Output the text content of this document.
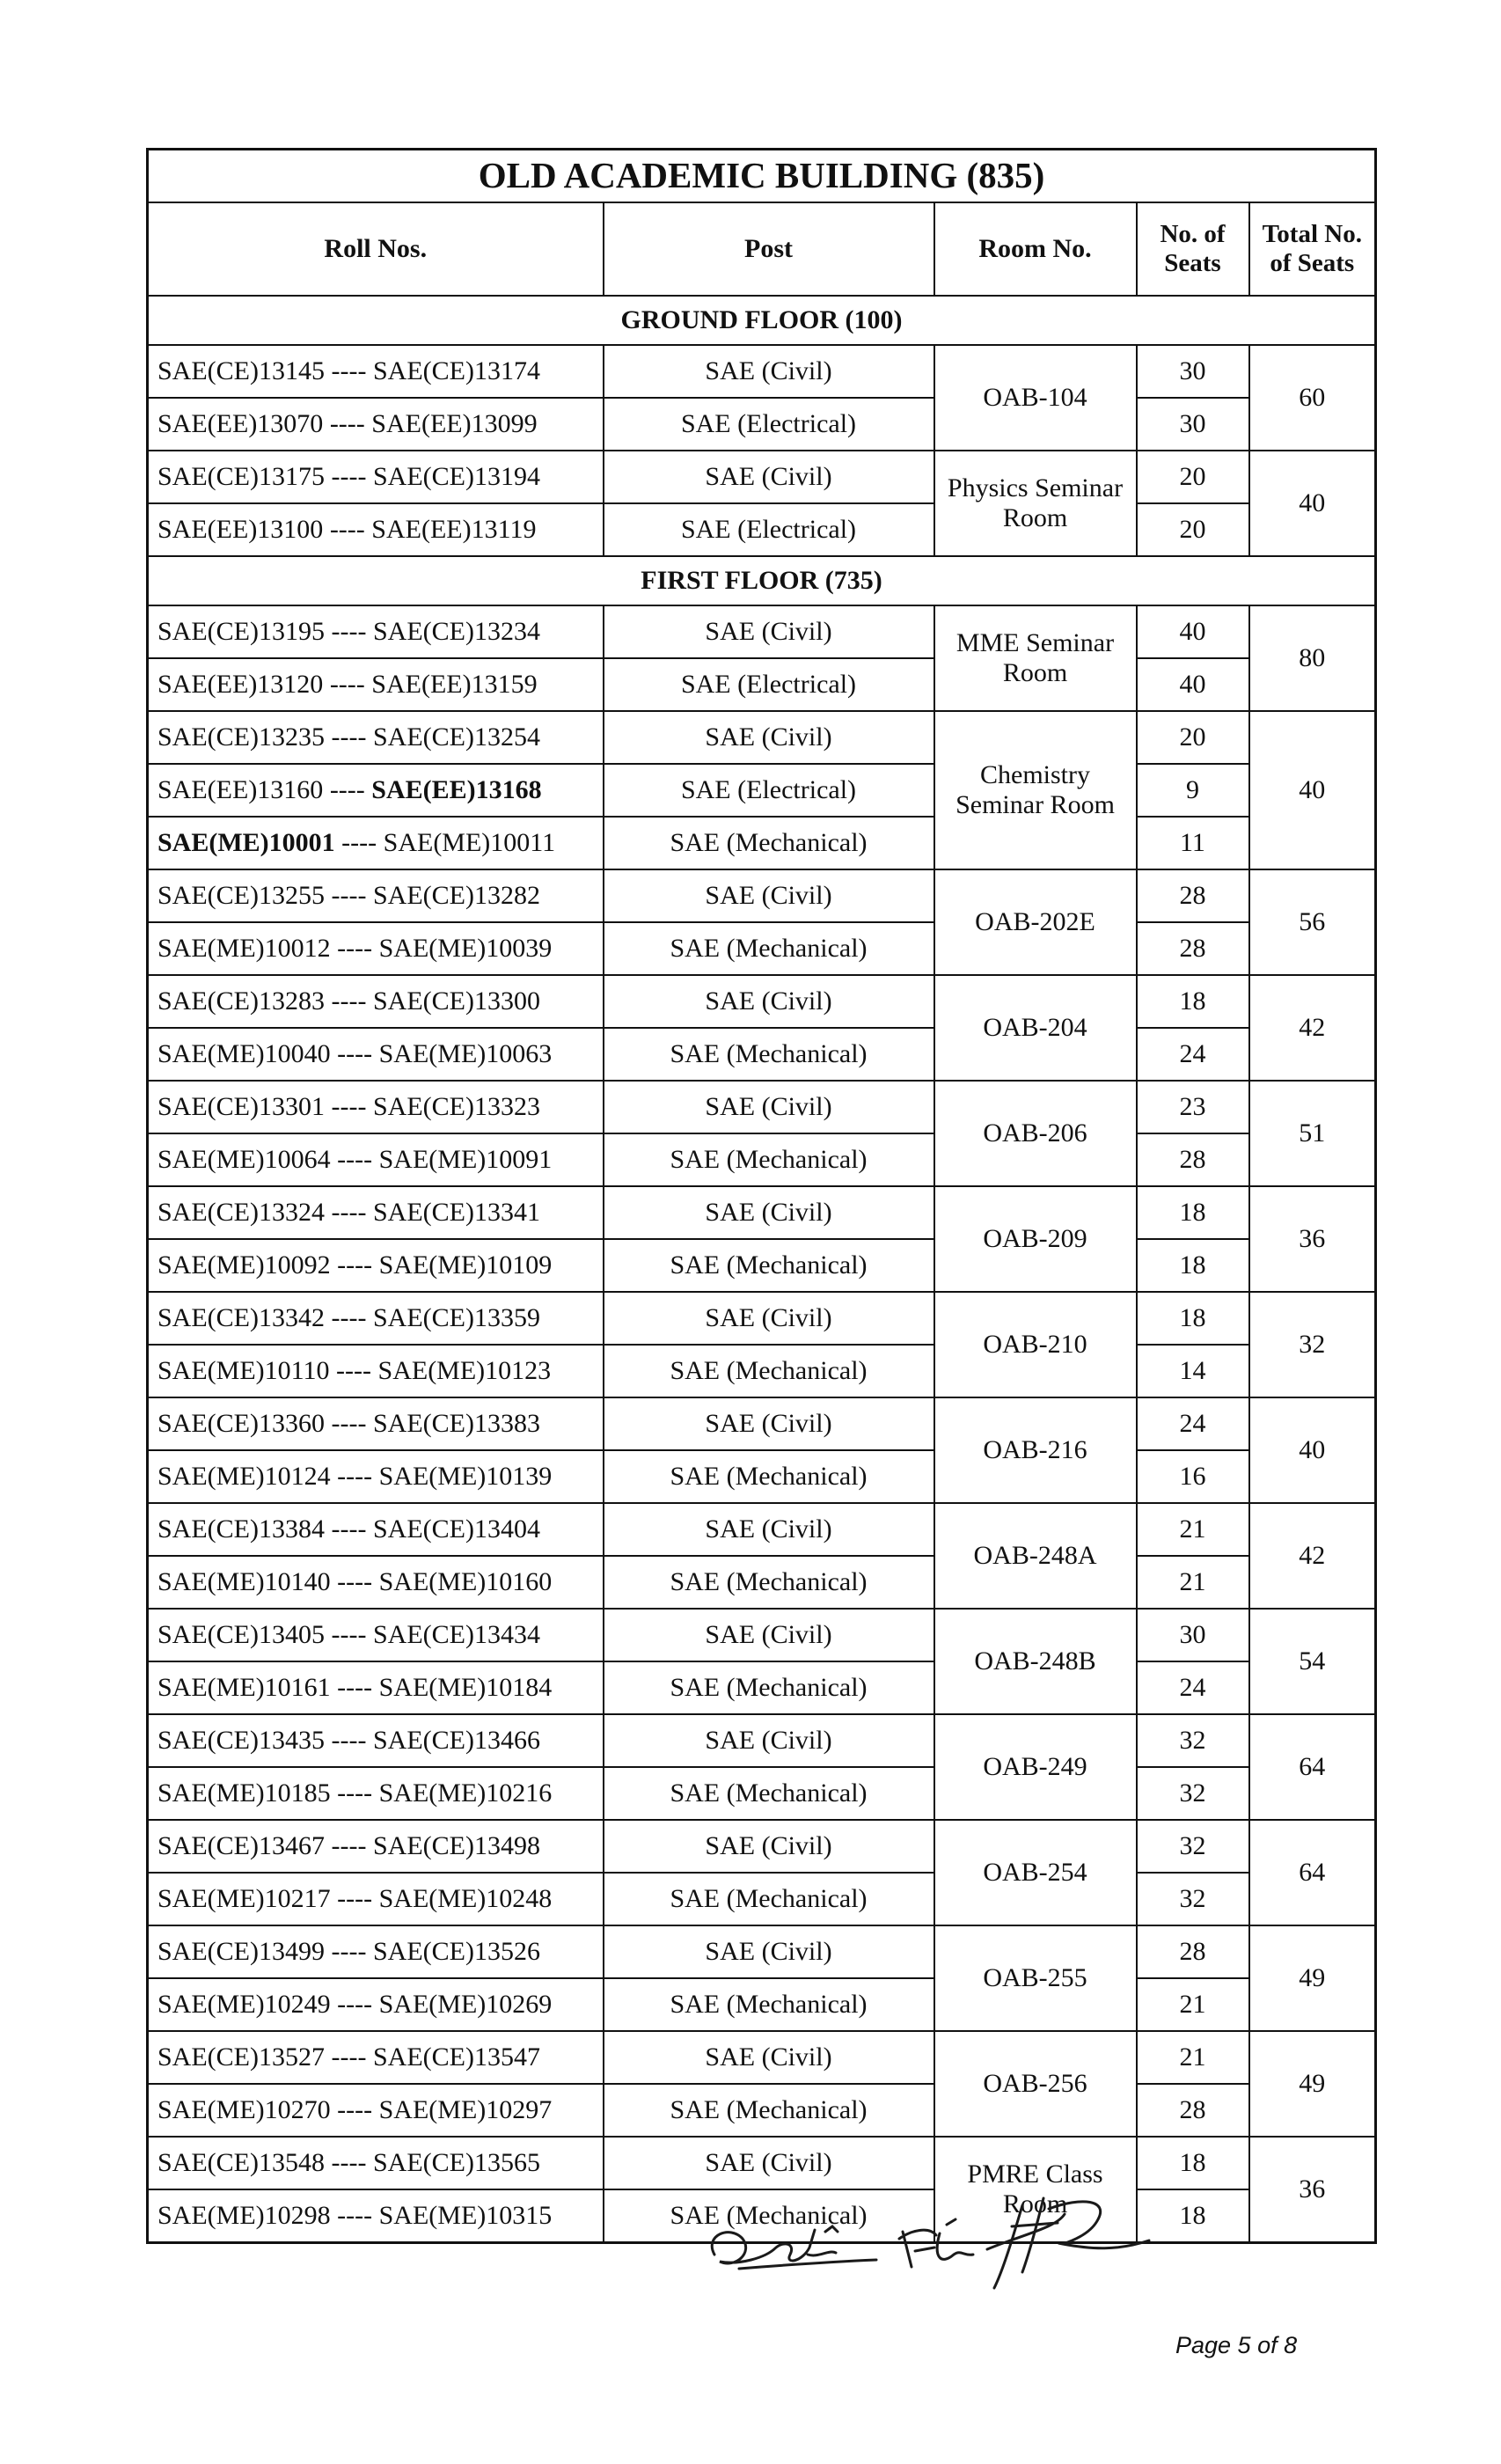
OLD ACADEMIC BUILDING (835)				
Roll Nos.	Post	Room No.	No. of Seats	Total No. of Seats
GROUND FLOOR (100)				
SAE(CE)13145 ---- SAE(CE)13174	SAE (Civil)	OAB-104	30	60
SAE(EE)13070 ---- SAE(EE)13099	SAE (Electrical)		30	
SAE(CE)13175 ---- SAE(CE)13194	SAE (Civil)	Physics Seminar Room	20	40
SAE(EE)13100 ---- SAE(EE)13119	SAE (Electrical)		20	
FIRST FLOOR (735)				
SAE(CE)13195 ---- SAE(CE)13234	SAE (Civil)	MME Seminar Room	40	80
SAE(EE)13120 ---- SAE(EE)13159	SAE (Electrical)		40	
SAE(CE)13235 ---- SAE(CE)13254	SAE (Civil)	Chemistry Seminar Room	20	40
SAE(EE)13160 ---- SAE(EE)13168	SAE (Electrical)		9	
SAE(ME)10001 ---- SAE(ME)10011	SAE (Mechanical)		11	
SAE(CE)13255 ---- SAE(CE)13282	SAE (Civil)	OAB-202E	28	56
SAE(ME)10012 ---- SAE(ME)10039	SAE (Mechanical)		28	
SAE(CE)13283 ---- SAE(CE)13300	SAE (Civil)	OAB-204	18	42
SAE(ME)10040 ---- SAE(ME)10063	SAE (Mechanical)		24	
SAE(CE)13301 ---- SAE(CE)13323	SAE (Civil)	OAB-206	23	51
SAE(ME)10064 ---- SAE(ME)10091	SAE (Mechanical)		28	
SAE(CE)13324 ---- SAE(CE)13341	SAE (Civil)	OAB-209	18	36
SAE(ME)10092 ---- SAE(ME)10109	SAE (Mechanical)		18	
SAE(CE)13342 ---- SAE(CE)13359	SAE (Civil)	OAB-210	18	32
SAE(ME)10110 ---- SAE(ME)10123	SAE (Mechanical)		14	
SAE(CE)13360 ---- SAE(CE)13383	SAE (Civil)	OAB-216	24	40
SAE(ME)10124 ---- SAE(ME)10139	SAE (Mechanical)		16	
SAE(CE)13384 ---- SAE(CE)13404	SAE (Civil)	OAB-248A	21	42
SAE(ME)10140 ---- SAE(ME)10160	SAE (Mechanical)		21	
SAE(CE)13405 ---- SAE(CE)13434	SAE (Civil)	OAB-248B	30	54
SAE(ME)10161 ---- SAE(ME)10184	SAE (Mechanical)		24	
SAE(CE)13435 ---- SAE(CE)13466	SAE (Civil)	OAB-249	32	64
SAE(ME)10185 ---- SAE(ME)10216	SAE (Mechanical)		32	
SAE(CE)13467 ---- SAE(CE)13498	SAE (Civil)	OAB-254	32	64
SAE(ME)10217 ---- SAE(ME)10248	SAE (Mechanical)		32	
SAE(CE)13499 ---- SAE(CE)13526	SAE (Civil)	OAB-255	28	49
SAE(ME)10249 ---- SAE(ME)10269	SAE (Mechanical)		21	
SAE(CE)13527 ---- SAE(CE)13547	SAE (Civil)	OAB-256	21	49
SAE(ME)10270 ---- SAE(ME)10297	SAE (Mechanical)		28	
SAE(CE)13548 ---- SAE(CE)13565	SAE (Civil)	PMRE Class Room	18	36
SAE(ME)10298 ---- SAE(ME)10315	SAE (Mechanical)		18	
Page 5 of 8
